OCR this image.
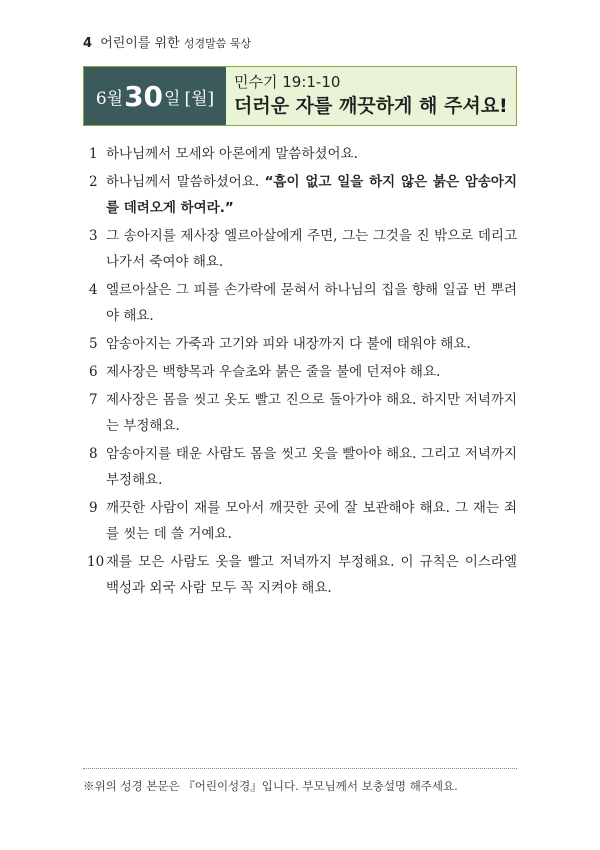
4 어린이를 위한 성경말씀 묵상
6월 30 일 [월]
민수기 19:1-10
더러운 자를 깨끗하게 해 주셔요!
1 하나님께서 모세와 아론에게 말씀하셨어요.
2 하나님께서 말씀하셨어요. “흠이 없고 일을 하지 않은 붉은 암송아지를 데려오게 하여라.”
3 그 송아지를 제사장 엘르아살에게 주면, 그는 그것을 진 밖으로 데리고 나가서 죽여야 해요.
4 엘르아살은 그 피를 손가락에 묻혀서 하나님의 집을 향해 일곱 번 뿌려야 해요.
5 암송아지는 가죽과 고기와 피와 내장까지 다 불에 태워야 해요.
6 제사장은 백향목과 우슬초와 붉은 줄을 불에 던져야 해요.
7 제사장은 몸을 씻고 옷도 빨고 진으로 돌아가야 해요. 하지만 저녁까지는 부정해요.
8 암송아지를 태운 사람도 몸을 씻고 옷을 빨아야 해요. 그리고 저녁까지 부정해요.
9 깨끗한 사람이 재를 모아서 깨끗한 곳에 잘 보관해야 해요. 그 재는 죄를 씻는 데 쓸 거예요.
10 재를 모은 사람도 옷을 빨고 저녁까지 부정해요. 이 규칙은 이스라엘 백성과 외국 사람 모두 꼭 지켜야 해요.
※위의 성경 본문은 『어린이성경』입니다. 부모님께서 보충설명 해주세요.
